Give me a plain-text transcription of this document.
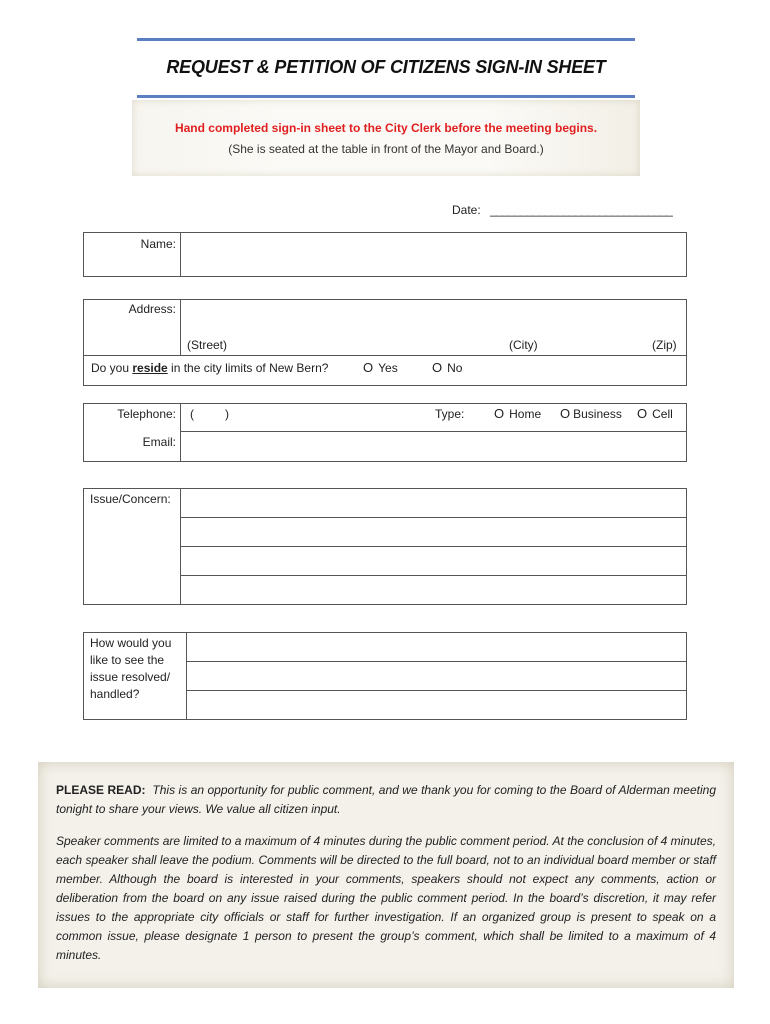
REQUEST & PETITION OF CITIZENS SIGN-IN SHEET
Hand completed sign-in sheet to the City Clerk before the meeting begins.
(She is seated at the table in front of the Mayor and Board.)
Date: ______________________________
Name:
Address:
(Street)	(City)	(Zip)
Do you reside in the city limits of New Bern?	O Yes	O No
Telephone: (	)	Type: O Home O Business O Cell
Email:
Issue/Concern:
How would you like to see the issue resolved/ handled?

PLEASE READ: This is an opportunity for public comment, and we thank you for coming to the Board of Alderman meeting tonight to share your views. We value all citizen input.

Speaker comments are limited to a maximum of 4 minutes during the public comment period. At the conclusion of 4 minutes, each speaker shall leave the podium. Comments will be directed to the full board, not to an individual board member or staff member. Although the board is interested in your comments, speakers should not expect any comments, action or deliberation from the board on any issue raised during the public comment period. In the board’s discretion, it may refer issues to the appropriate city officials or staff for further investigation. If an organized group is present to speak on a common issue, please designate 1 person to present the group’s comment, which shall be limited to a maximum of 4 minutes.
